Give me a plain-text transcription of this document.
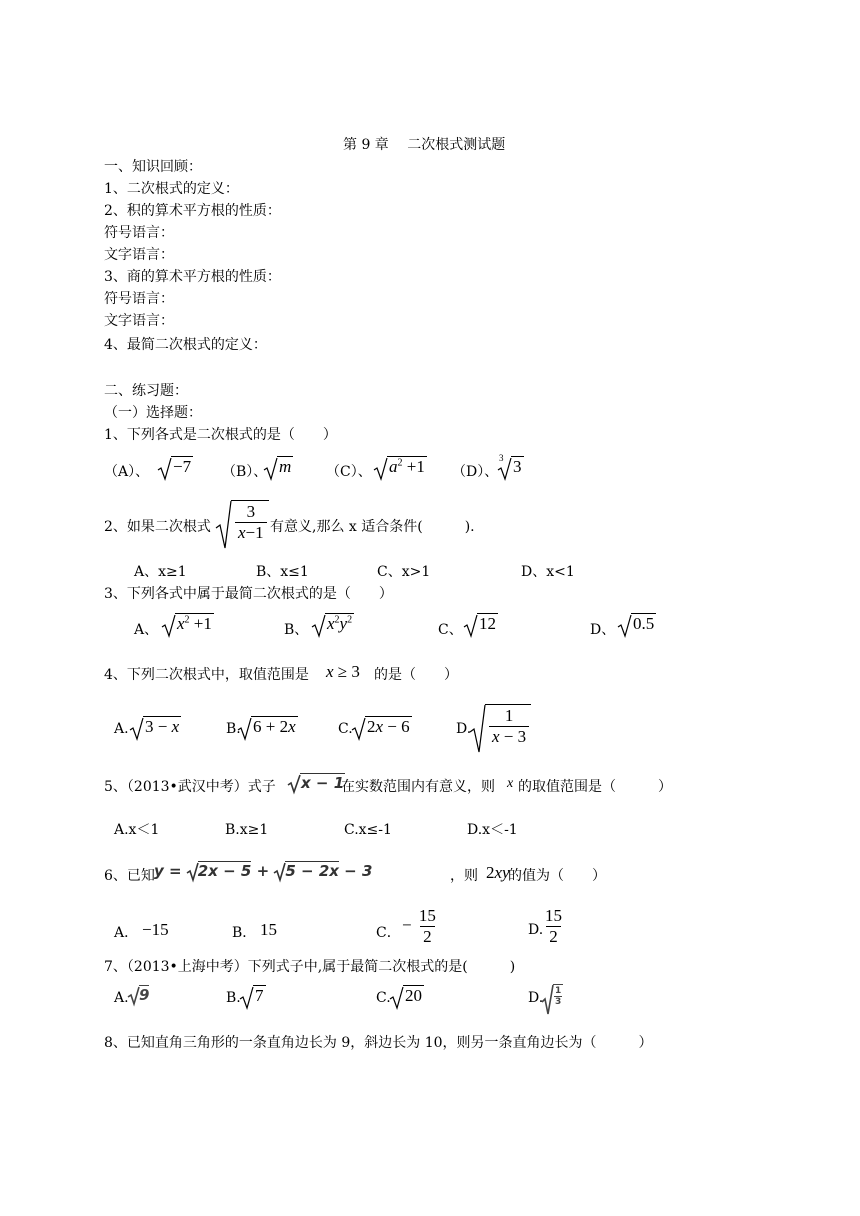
第 9 章　 二次根式测试题
一、知识回顾：
1、二次根式的定义：
2、积的算术平方根的性质：
符号语言：
文字语言：
3、商的算术平方根的性质：
符号语言：
文字语言：
4、最简二次根式的定义：
二、练习题：
（一）选择题：
1、下列各式是二次根式的是（　　）
（A）、	−7 （B）、 m （C）、	$a^2 +1$ （D）、
3 3
2、如果二次根式 $\frac{3}{x-1}$ 有意义,那么 x 适合条件(　　　).
A、x≥1	B、x≤1	C、x>1	D、x<1
3、下列各式中属于最简二次根式的是（　　）
A、	$x^2 +1$	B、	$x^2y^2$
C、 12	D、	0.5
4、下列二次根式中，取值范围是 x ≥ 3 的是（　　）
A. 3 − x	B. 6 + 2x	C. 2x − 6	D. $\frac{1}{x - 3}$
5、（2013•武汉中考）式子	x − 1
在实数范围内有意义，则 x 的取值范围是（　　　）
A.x＜1	B.x≥1	C.x≤-1	D.x＜-1
6、已知 y =
2x − 5 +
5 − 2x − 3	，则 2xy
的值为（　　）
A． −15	B． 15	C． − $\frac{15}{2}$	D.
$\frac{15}{2}$
7、（2013•上海中考）下列式子中,属于最简二次根式的是(　　　)
A. 9	B. 7	C. 20	D. $\frac{1}{3}$
8、已知直角三角形的一条直角边长为 9，斜边长为 10，则另一条直角边长为（　　　）
